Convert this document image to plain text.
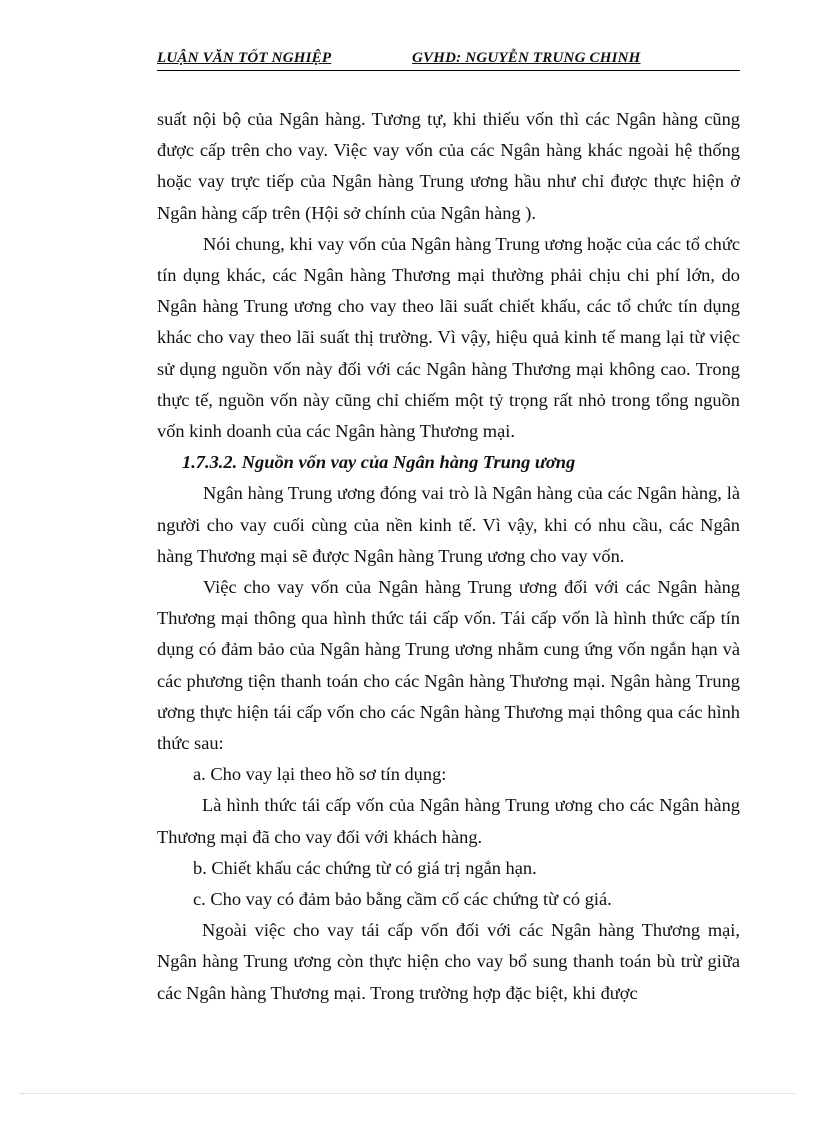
LUẬN VĂN TỐT NGHIỆP	GVHD: NGUYỄN TRUNG CHINH

suất nội bộ của Ngân hàng. Tương tự, khi thiếu vốn thì các Ngân hàng cũng được cấp trên cho vay. Việc vay vốn của các Ngân hàng khác ngoài hệ thống hoặc vay trực tiếp của Ngân hàng Trung ương hầu như chỉ được thực hiện ở Ngân hàng cấp trên (Hội sở chính của Ngân hàng ).

Nói chung, khi vay vốn của Ngân hàng Trung ương hoặc của các tổ chức tín dụng khác, các Ngân hàng Thương mại thường phải chịu chi phí lớn, do Ngân hàng Trung ương cho vay theo lãi suất chiết khấu, các tổ chức tín dụng khác cho vay theo lãi suất thị trường. Vì vậy, hiệu quả kinh tế mang lại từ việc sử dụng nguồn vốn này đối với các Ngân hàng Thương mại không cao. Trong thực tế, nguồn vốn này cũng chỉ chiếm một tỷ trọng rất nhỏ trong tổng nguồn vốn kinh doanh của các Ngân hàng Thương mại.

1.7.3.2. Nguồn vốn vay của Ngân hàng Trung ương

Ngân hàng Trung ương đóng vai trò là Ngân hàng của các Ngân hàng, là người cho vay cuối cùng của nền kinh tế. Vì vậy, khi có nhu cầu, các Ngân hàng Thương mại sẽ được Ngân hàng Trung ương cho vay vốn.

Việc cho vay vốn của Ngân hàng Trung ương đối với các Ngân hàng Thương mại thông qua hình thức tái cấp vốn. Tái cấp vốn là hình thức cấp tín dụng có đảm bảo của Ngân hàng Trung ương nhằm cung ứng vốn ngắn hạn và các phương tiện thanh toán cho các Ngân hàng Thương mại. Ngân hàng Trung ương thực hiện tái cấp vốn cho các Ngân hàng Thương mại thông qua các hình thức sau:

a. Cho vay lại theo hồ sơ tín dụng:

Là hình thức tái cấp vốn của Ngân hàng Trung ương cho các Ngân hàng Thương mại đã cho vay đối với khách hàng.

b. Chiết khấu các chứng từ có giá trị ngắn hạn.

c. Cho vay có đảm bảo bằng cầm cố các chứng từ có giá.

Ngoài việc cho vay tái cấp vốn đối với các Ngân hàng Thương mại, Ngân hàng Trung ương còn thực hiện cho vay bổ sung thanh toán bù trừ giữa các Ngân hàng Thương mại. Trong trường hợp đặc biệt, khi được
